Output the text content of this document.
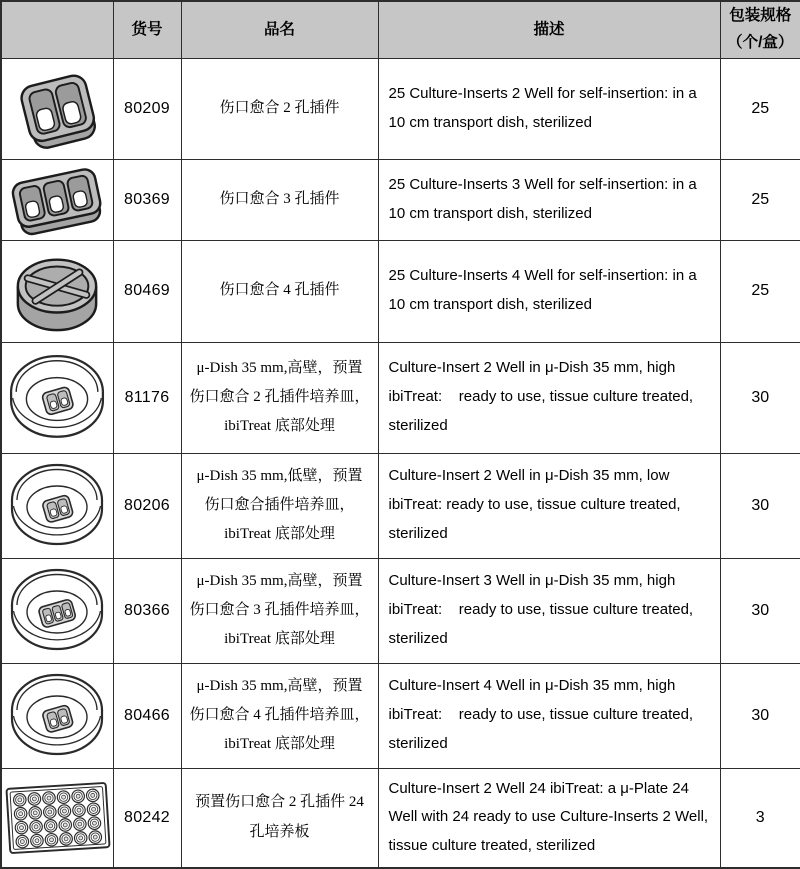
	货号	品名	描述	包装规格
（个/盒）

	80209	伤口愈合 2 孔插件	25 Culture-Inserts 2 Well for self-insertion: in a 10 cm transport dish, sterilized	25

	80369	伤口愈合 3 孔插件	25 Culture-Inserts 3 Well for self-insertion: in a 10 cm transport dish, sterilized	25

	80469	伤口愈合 4 孔插件	25 Culture-Inserts 4 Well for self-insertion: in a 10 cm transport dish, sterilized	25

	81176	μ-Dish 35 mm,高壁，预置伤口愈合 2 孔插件培养皿，ibiTreat 底部处理	Culture-Insert 2 Well in μ-Dish 35 mm, high ibiTreat:    ready to use, tissue culture treated, sterilized	30

	80206	μ-Dish 35 mm,低壁，预置伤口愈合插件培养皿，ibiTreat 底部处理	Culture-Insert 2 Well in μ-Dish 35 mm, low ibiTreat: ready to use, tissue culture treated, sterilized	30

	80366	μ-Dish 35 mm,高壁，预置伤口愈合 3 孔插件培养皿，ibiTreat 底部处理	Culture-Insert 3 Well in μ-Dish 35 mm, high ibiTreat:    ready to use, tissue culture treated, sterilized	30

	80466	μ-Dish 35 mm,高壁，预置伤口愈合 4 孔插件培养皿，ibiTreat 底部处理	Culture-Insert 4 Well in μ-Dish 35 mm, high ibiTreat:    ready to use, tissue culture treated, sterilized	30

	80242	预置伤口愈合 2 孔插件 24 孔培养板	Culture-Insert 2 Well 24 ibiTreat: a μ-Plate 24 Well with 24 ready to use Culture-Inserts 2 Well, tissue culture treated, sterilized	3
